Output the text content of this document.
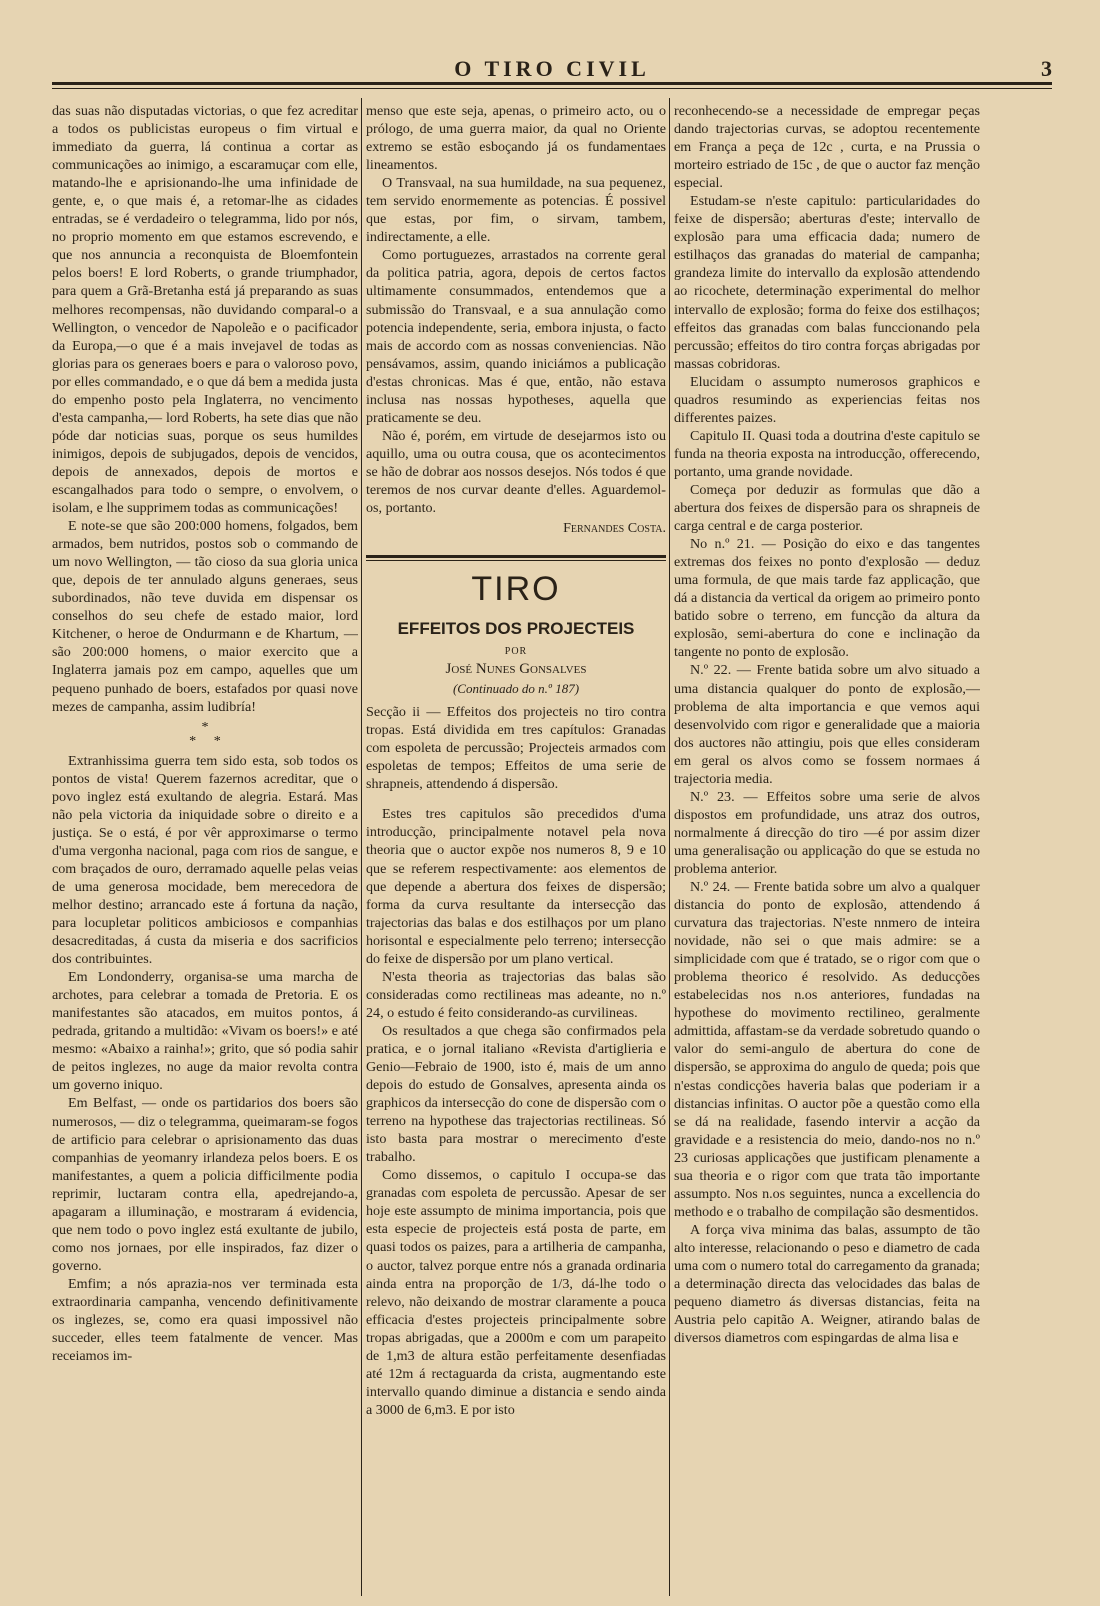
O TIRO CIVIL	3

das suas não disputadas victorias, o que fez acreditar a todos os publicistas europeus o fim virtual e immediato da guerra, lá continua a cortar as communicações ao inimigo, a escaramuçar com elle, matando-lhe e aprisionando-lhe uma infinidade de gente, e, o que mais é, a retomar-lhe as cidades entradas, se é verdadeiro o telegramma, lido por nós, no proprio momento em que estamos escrevendo, e que nos annuncia a reconquista de Bloemfontein pelos boers! E lord Roberts, o grande triumphador, para quem a Grã-Bretanha está já preparando as suas melhores recompensas, não duvidando comparal-o a Wellington, o vencedor de Napoleão e o pacificador da Europa,—o que é a mais invejavel de todas as glorias para os generaes boers e para o valoroso povo, por elles commandado, e o que dá bem a medida justa do empenho posto pela Inglaterra, no vencimento d'esta campanha,— lord Roberts, ha sete dias que não póde dar noticias suas, porque os seus humildes inimigos, depois de subjugados, depois de vencidos, depois de annexados, depois de mortos e escangalhados para todo o sempre, o envolvem, o isolam, e lhe supprimem todas as communicações!

E note-se que são 200:000 homens, folgados, bem armados, bem nutridos, postos sob o commando de um novo Wellington, — tão cioso da sua gloria unica que, depois de ter annulado alguns generaes, seus subordinados, não teve duvida em dispensar os conselhos do seu chefe de estado maior, lord Kitchener, o heroe de Ondurmann e de Khartum, — são 200:000 homens, o maior exercito que a Inglaterra jamais poz em campo, aquelles que um pequeno punhado de boers, estafados por quasi nove mezes de campanha, assim ludibría!

*
*     *

Extranhissima guerra tem sido esta, sob todos os pontos de vista! Querem fazernos acreditar, que o povo inglez está exultando de alegria. Estará. Mas não pela victoria da iniquidade sobre o direito e a justiça. Se o está, é por vêr approximarse o termo d'uma vergonha nacional, paga com rios de sangue, e com braçados de ouro, derramado aquelle pelas veias de uma generosa mocidade, bem merecedora de melhor destino; arrancado este á fortuna da nação, para locupletar politicos ambiciosos e companhias desacreditadas, á custa da miseria e dos sacrificios dos contribuintes.

Em Londonderry, organisa-se uma marcha de archotes, para celebrar a tomada de Pretoria. E os manifestantes são atacados, em muitos pontos, á pedrada, gritando a multidão: «Vivam os boers!» e até mesmo: «Abaixo a rainha!»; grito, que só podia sahir de peitos inglezes, no auge da maior revolta contra um governo iniquo.

Em Belfast, — onde os partidarios dos boers são numerosos, — diz o telegramma, queimaram-se fogos de artificio para celebrar o aprisionamento das duas companhias de yeomanry irlandeza pelos boers. E os manifestantes, a quem a policia difficilmente podia reprimir, luctaram contra ella, apedrejando-a, apagaram a illuminação, e mostraram á evidencia, que nem todo o povo inglez está exultante de jubilo, como nos jornaes, por elle inspirados, faz dizer o governo.

Emfim; a nós aprazia-nos ver terminada esta extraordinaria campanha, vencendo definitivamente os inglezes, se, como era quasi impossivel não succeder, elles teem fatalmente de vencer. Mas receiamos im-

menso que este seja, apenas, o primeiro acto, ou o prólogo, de uma guerra maior, da qual no Oriente extremo se estão esboçando já os fundamentaes lineamentos.

O Transvaal, na sua humildade, na sua pequenez, tem servido enormemente as potencias. É possivel que estas, por fim, o sirvam, tambem, indirectamente, a elle.

Como portuguezes, arrastados na corrente geral da politica patria, agora, depois de certos factos ultimamente consummados, entendemos que a submissão do Transvaal, e a sua annulação como potencia independente, seria, embora injusta, o facto mais de accordo com as nossas conveniencias. Não pensávamos, assim, quando iniciámos a publicação d'estas chronicas. Mas é que, então, não estava inclusa nas nossas hypotheses, aquella que praticamente se deu.

Não é, porém, em virtude de desejarmos isto ou aquillo, uma ou outra cousa, que os acontecimentos se hão de dobrar aos nossos desejos. Nós todos é que teremos de nos curvar deante d'elles. Aguardemol-os, portanto.

Fernandes Costa.
TIRO
EFFEITOS DOS PROJECTEIS
POR
José Nunes Gonsalves
(Continuado do n.º 187)

Secção ii — Effeitos dos projecteis no tiro contra tropas. Está dividida em tres capítulos: Granadas com espoleta de percussão; Projecteis armados com espoletas de tempos; Effeitos de uma serie de shrapneis, attendendo á dispersão.

Estes tres capitulos são precedidos d'uma introducção, principalmente notavel pela nova theoria que o auctor expõe nos numeros 8, 9 e 10 que se referem respectivamente: aos elementos de que depende a abertura dos feixes de dispersão; forma da curva resultante da intersecção das trajectorias das balas e dos estilhaços por um plano horisontal e especialmente pelo terreno; intersecção do feixe de dispersão por um plano vertical.

N'esta theoria as trajectorias das balas são consideradas como rectilineas mas adeante, no n.º 24, o estudo é feito considerando-as curvilineas.

Os resultados a que chega são confirmados pela pratica, e o jornal italiano «Revista d'artiglieria e Genio—Febraio de 1900, isto é, mais de um anno depois do estudo de Gonsalves, apresenta ainda os graphicos da intersecção do cone de dispersão com o terreno na hypothese das trajectorias rectilineas. Só isto basta para mostrar o merecimento d'este trabalho.

Como dissemos, o capitulo I occupa-se das granadas com espoleta de percussão. Apesar de ser hoje este assumpto de minima importancia, pois que esta especie de projecteis está posta de parte, em quasi todos os paizes, para a artilheria de campanha, o auctor, talvez porque entre nós a granada ordinaria ainda entra na proporção de 1/3, dá-lhe todo o relevo, não deixando de mostrar claramente a pouca efficacia d'estes projecteis principalmente sobre tropas abrigadas, que a 2000m e com um parapeito de 1,m3 de altura estão perfeitamente desenfiadas até 12m á rectaguarda da crista, augmentando este intervallo quando diminue a distancia e sendo ainda a 3000 de 6,m3. E por isto

reconhecendo-se a necessidade de empregar peças dando trajectorias curvas, se adoptou recentemente em França a peça de 12c , curta, e na Prussia o morteiro estriado de 15c , de que o auctor faz menção especial.

Estudam-se n'este capitulo: particularidades do feixe de dispersão; aberturas d'este; intervallo de explosão para uma efficacia dada; numero de estilhaços das granadas do material de campanha; grandeza limite do intervallo da explosão attendendo ao ricochete, determinação experimental do melhor intervallo de explosão; forma do feixe dos estilhaços; effeitos das granadas com balas funccionando pela percussão; effeitos do tiro contra forças abrigadas por massas cobridoras.

Elucidam o assumpto numerosos graphicos e quadros resumindo as experiencias feitas nos differentes paizes.

Capitulo II. Quasi toda a doutrina d'este capitulo se funda na theoria exposta na introducção, offerecendo, portanto, uma grande novidade.

Começa por deduzir as formulas que dão a abertura dos feixes de dispersão para os shrapneis de carga central e de carga posterior.

No n.º 21. — Posição do eixo e das tangentes extremas dos feixes no ponto d'explosão — deduz uma formula, de que mais tarde faz applicação, que dá a distancia da vertical da origem ao primeiro ponto batido sobre o terreno, em funcção da altura da explosão, semi-abertura do cone e inclinação da tangente no ponto de explosão.

N.º 22. — Frente batida sobre um alvo situado a uma distancia qualquer do ponto de explosão,—problema de alta importancia e que vemos aqui desenvolvido com rigor e generalidade que a maioria dos auctores não attingiu, pois que elles consideram em geral os alvos como se fossem normaes á trajectoria media.

N.º 23. — Effeitos sobre uma serie de alvos dispostos em profundidade, uns atraz dos outros, normalmente á direcção do tiro —é por assim dizer uma generalisação ou applicação do que se estuda no problema anterior.

N.º 24. — Frente batida sobre um alvo a qualquer distancia do ponto de explosão, attendendo á curvatura das trajectorias. N'este nnmero de inteira novidade, não sei o que mais admire: se a simplicidade com que é tratado, se o rigor com que o problema theorico é resolvido. As deducções estabelecidas nos n.os anteriores, fundadas na hypothese do movimento rectilineo, geralmente admittida, affastam-se da verdade sobretudo quando o valor do semi-angulo de abertura do cone de dispersão, se approxima do angulo de queda; pois que n'estas condicções haveria balas que poderiam ir a distancias infinitas. O auctor põe a questão como ella se dá na realidade, fasendo intervir a acção da gravidade e a resistencia do meio, dando-nos no n.º 23 curiosas applicações que justificam plenamente a sua theoria e o rigor com que trata tão importante assumpto. Nos n.os seguintes, nunca a excellencia do methodo e o trabalho de compilação são desmentidos.

A força viva minima das balas, assumpto de tão alto interesse, relacionando o peso e diametro de cada uma com o numero total do carregamento da granada; a determinação directa das velocidades das balas de pequeno diametro ás diversas distancias, feita na Austria pelo capitão A. Weigner, atirando balas de diversos diametros com espingardas de alma lisa e
